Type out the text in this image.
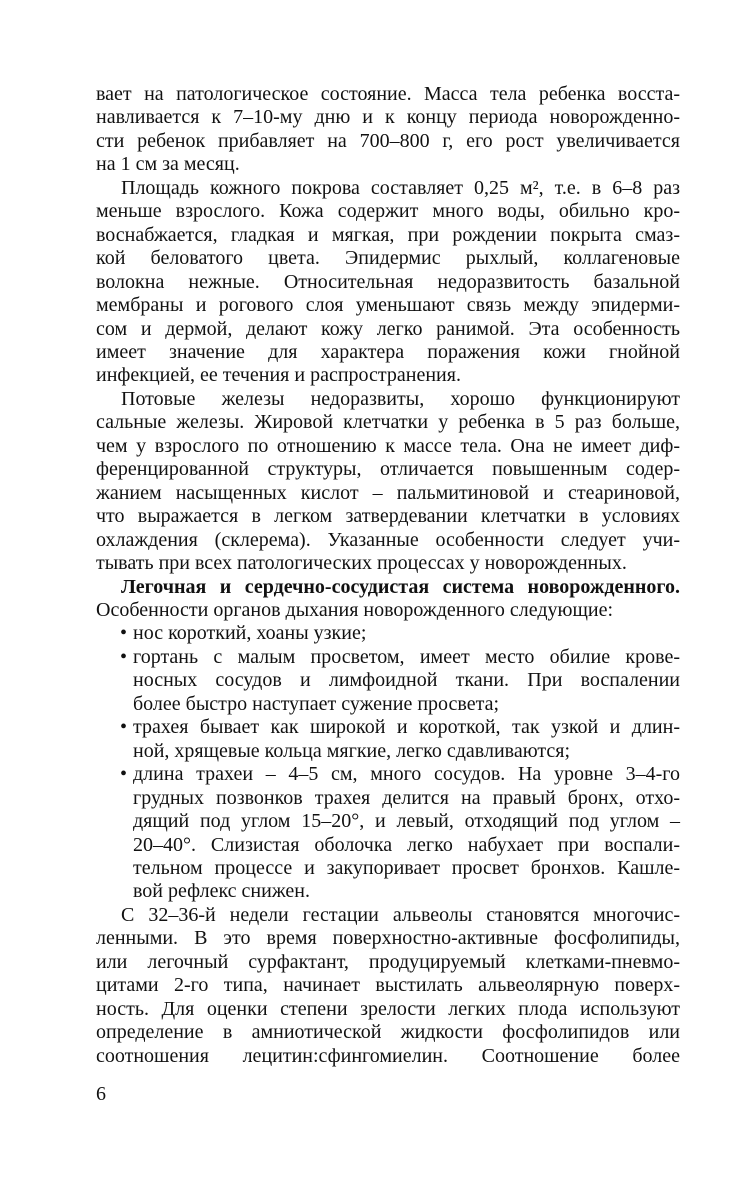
вает на патологическое состояние. Масса тела ребенка восста-
навливается к 7–10-му дню и к концу периода новорожденно-
сти ребенок прибавляет на 700–800 г, его рост увеличивается
на 1 см за месяц.
Площадь кожного покрова составляет 0,25 м², т.е. в 6–8 раз
меньше взрослого. Кожа содержит много воды, обильно кро-
воснабжается, гладкая и мягкая, при рождении покрыта смаз-
кой беловатого цвета. Эпидермис рыхлый, коллагеновые
волокна нежные. Относительная недоразвитость базальной
мембраны и рогового слоя уменьшают связь между эпидерми-
сом и дермой, делают кожу легко ранимой. Эта особенность
имеет значение для характера поражения кожи гнойной
инфекцией, ее течения и распространения.
Потовые железы недоразвиты, хорошо функционируют
сальные железы. Жировой клетчатки у ребенка в 5 раз больше,
чем у взрослого по отношению к массе тела. Она не имеет диф-
ференцированной структуры, отличается повышенным содер-
жанием насыщенных кислот – пальмитиновой и стеариновой,
что выражается в легком затвердевании клетчатки в условиях
охлаждения (склерема). Указанные особенности следует учи-
тывать при всех патологических процессах у новорожденных.
Легочная и сердечно-сосудистая система новорожденного.
Особенности органов дыхания новорожденного следующие:
нос короткий, хоаны узкие;
•
гортань с малым просветом, имеет место обилие крове-
•
носных сосудов и лимфоидной ткани. При воспалении
более быстро наступает сужение просвета;
трахея бывает как широкой и короткой, так узкой и длин-
•
ной, хрящевые кольца мягкие, легко сдавливаются;
длина трахеи – 4–5 см, много сосудов. На уровне 3–4-го
•
грудных позвонков трахея делится на правый бронх, отхо-
дящий под углом 15–20°, и левый, отходящий под углом –
20–40°. Слизистая оболочка легко набухает при воспали-
тельном процессе и закупоривает просвет бронхов. Кашле-
вой рефлекс снижен.
С 32–36-й недели гестации альвеолы становятся многочис-
ленными. В это время поверхностно-активные фосфолипиды,
или легочный сурфактант, продуцируемый клетками-пневмо-
цитами 2-го типа, начинает выстилать альвеолярную поверх-
ность. Для оценки степени зрелости легких плода используют
определение в амниотической жидкости фосфолипидов или
соотношения лецитин:сфингомиелин. Соотношение более
6
